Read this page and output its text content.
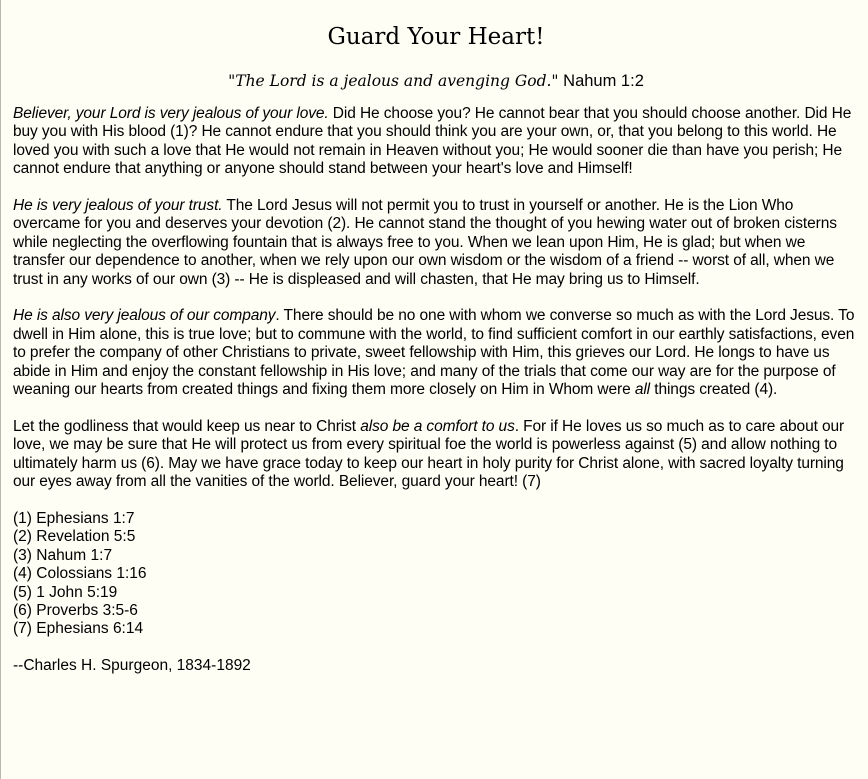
Guard Your Heart!
"The Lord is a jealous and avenging God." Nahum 1:2

Believer, your Lord is very jealous of your love. Did He choose you? He cannot bear that you should choose another. Did He buy you with His blood (1)? He cannot endure that you should think you are your own, or, that you belong to this world. He loved you with such a love that He would not remain in Heaven without you; He would sooner die than have you perish; He cannot endure that anything or anyone should stand between your heart's love and Himself!

He is very jealous of your trust. The Lord Jesus will not permit you to trust in yourself or another. He is the Lion Who overcame for you and deserves your devotion (2). He cannot stand the thought of you hewing water out of broken cisterns while neglecting the overflowing fountain that is always free to you. When we lean upon Him, He is glad; but when we transfer our dependence to another, when we rely upon our own wisdom or the wisdom of a friend -- worst of all, when we trust in any works of our own (3) -- He is displeased and will chasten, that He may bring us to Himself.

He is also very jealous of our company. There should be no one with whom we converse so much as with the Lord Jesus. To dwell in Him alone, this is true love; but to commune with the world, to find sufficient comfort in our earthly satisfactions, even to prefer the company of other Christians to private, sweet fellowship with Him, this grieves our Lord. He longs to have us abide in Him and enjoy the constant fellowship in His love; and many of the trials that come our way are for the purpose of weaning our hearts from created things and fixing them more closely on Him in Whom were all things created (4).

Let the godliness that would keep us near to Christ also be a comfort to us. For if He loves us so much as to care about our love, we may be sure that He will protect us from every spiritual foe the world is powerless against (5) and allow nothing to ultimately harm us (6). May we have grace today to keep our heart in holy purity for Christ alone, with sacred loyalty turning our eyes away from all the vanities of the world. Believer, guard your heart! (7)

(1) Ephesians 1:7
(2) Revelation 5:5
(3) Nahum 1:7
(4) Colossians 1:16
(5) 1 John 5:19
(6) Proverbs 3:5-6
(7) Ephesians 6:14

--Charles H. Spurgeon, 1834-1892
